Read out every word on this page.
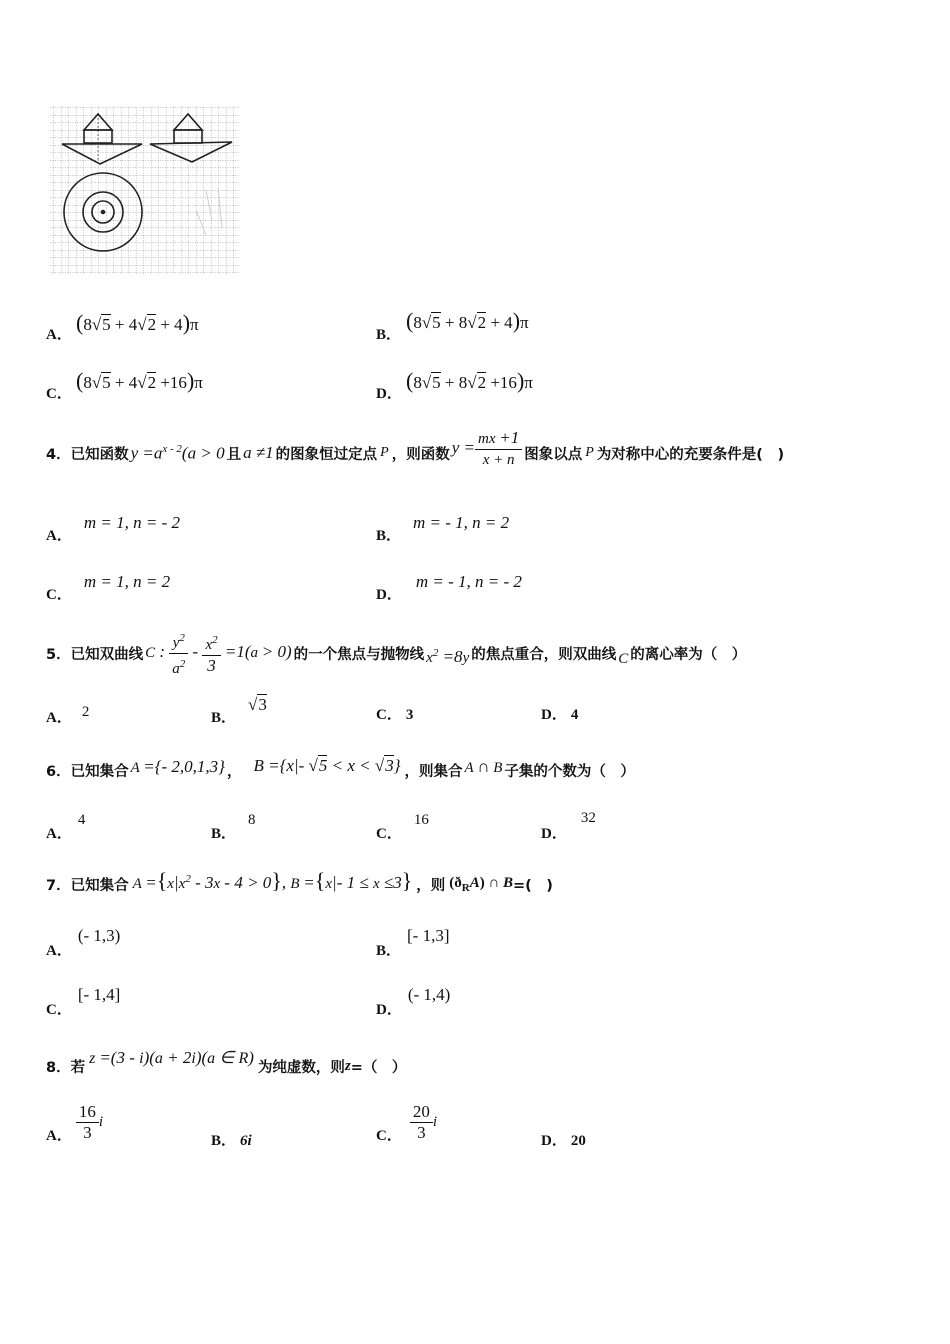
A． (8√5 + 4√2 + 4)π
B．
(8√5 + 8√2 + 4)π
C．
(8√5 + 4√2 +16)π
D．
(8√5 + 8√2 +16)π
4． 已知函数 $y =a^{x - 2}(a > 0$ 且 a ≠1 的图象恒过定点 P ，则函数 $y = \frac{mx +1}{x + n}$ 图象以点 P 为对称中心的充要条件是(　)
A． m = 1, n = - 2
B． m = - 1, n = 2
C． m = 1, n = 2
D． m = - 1, n = - 2
5． 已知双曲线 C : $\frac{y^2}{a^2} - \frac{x^2}{3} =1(a > 0)$ 的一个焦点与抛物线 $x^2 =8y$ 的焦点重合，则双曲线 C 的离心率为（　）
A． 2	B． √3
C． 3	D． 4
6． 已知集合 A ={- 2,0,1,3} ， B ={x|- √5 < x < √3} ，则集合 A ∩ B 子集的个数为（　）
A． 4
B． 8
C． 16
D． 32
7． 已知集合 $A =\{x|x^2 - 3x - 4 > 0\}$, B ={x|- 1 ≤ x ≤3} ，则 $(ð_RA)$ ∩ B =(　)
A． (- 1,3)
B． [- 1,3]
C． [- 1,4]
D． (- 1,4)
8． 若
z =(3 - i)(a + 2i)(a ∈ R)
为纯虚数，则 z =（　）
A． $\frac{16}{3}$ i
B． 6i	C． $\frac{20}{3}$ i
D． 20
